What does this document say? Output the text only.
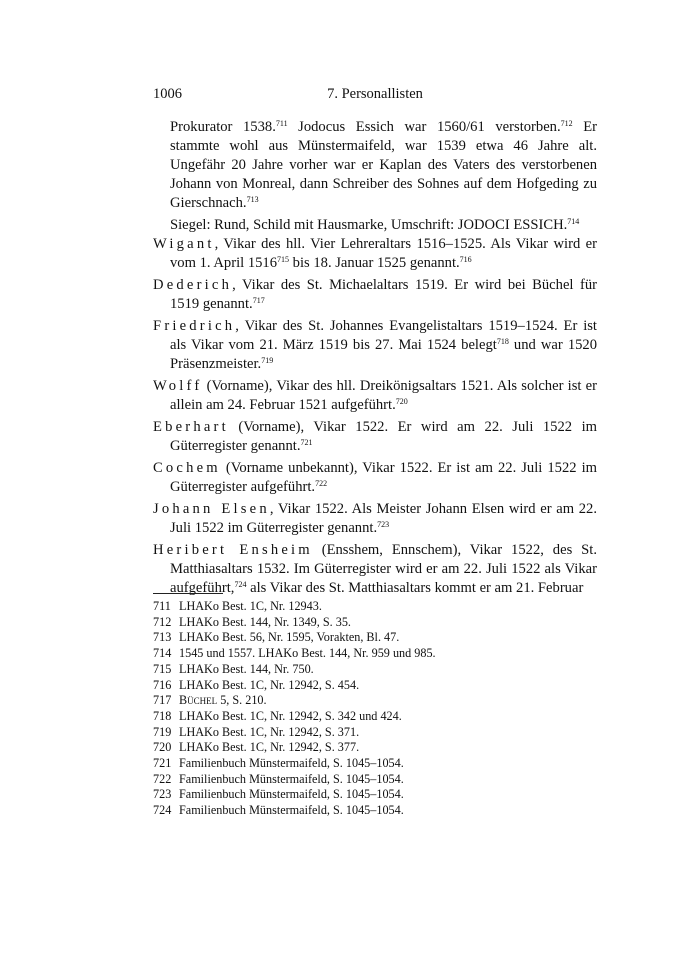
1006	7. Personallisten

Prokurator 1538.$^{711}$ Jodocus Essich war 1560/61 verstorben.$^{712}$ Er stammte wohl aus Münstermaifeld, war 1539 etwa 46 Jahre alt. Ungefähr 20 Jahre vorher war er Kaplan des Vaters des verstorbenen Johann von Monreal, dann Schreiber des Sohnes auf dem Hofgeding zu Gierschnach.$^{713}$

Siegel: Rund, Schild mit Hausmarke, Umschrift: JODOCI ESSICH.$^{714}$

Wigant, Vikar des hll. Vier Lehreraltars 1516–1525. Als Vikar wird er vom 1. April 1516$^{715}$ bis 18. Januar 1525 genannt.$^{716}$

Dederich, Vikar des St. Michaelaltars 1519. Er wird bei Büchel für 1519 genannt.$^{717}$

Friedrich, Vikar des St. Johannes Evangelistaltars 1519–1524. Er ist als Vikar vom 21. März 1519 bis 27. Mai 1524 belegt$^{718}$ und war 1520 Präsenzmeister.$^{719}$

Wolff (Vorname), Vikar des hll. Dreikönigsaltars 1521. Als solcher ist er allein am 24. Februar 1521 aufgeführt.$^{720}$

Eberhart (Vorname), Vikar 1522. Er wird am 22. Juli 1522 im Güterregister genannt.$^{721}$

Cochem (Vorname unbekannt), Vikar 1522. Er ist am 22. Juli 1522 im Güterregister aufgeführt.$^{722}$

Johann Elsen, Vikar 1522. Als Meister Johann Elsen wird er am 22. Juli 1522 im Güterregister genannt.$^{723}$

Heribert Ensheim (Ensshem, Ennschem), Vikar 1522, des St. Matthiasaltars 1532. Im Güterregister wird er am 22. Juli 1522 als Vikar aufgeführt,$^{724}$ als Vikar des St. Matthiasaltars kommt er am 21. Februar

711 LHAKo Best. 1C, Nr. 12943.
712 LHAKo Best. 144, Nr. 1349, S. 35.
713 LHAKo Best. 56, Nr. 1595, Vorakten, Bl. 47.
714 1545 und 1557. LHAKo Best. 144, Nr. 959 und 985.
715 LHAKo Best. 144, Nr. 750.
716 LHAKo Best. 1C, Nr. 12942, S. 454.
717 Büchel 5, S. 210.
718 LHAKo Best. 1C, Nr. 12942, S. 342 und 424.
719 LHAKo Best. 1C, Nr. 12942, S. 371.
720 LHAKo Best. 1C, Nr. 12942, S. 377.
721 Familienbuch Münstermaifeld, S. 1045–1054.
722 Familienbuch Münstermaifeld, S. 1045–1054.
723 Familienbuch Münstermaifeld, S. 1045–1054.
724 Familienbuch Münstermaifeld, S. 1045–1054.
